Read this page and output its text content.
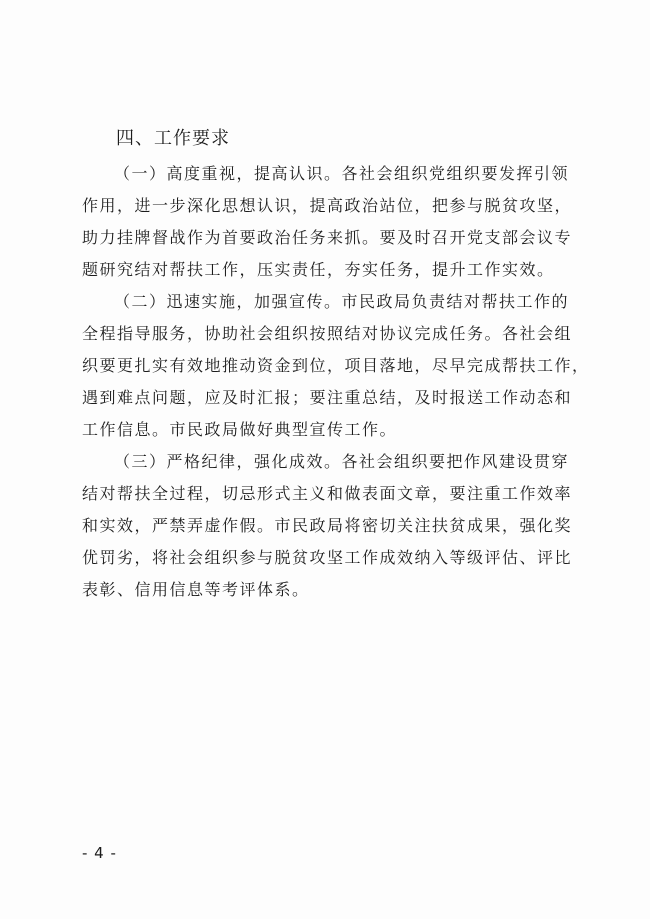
四、工作要求
（一）高度重视，提高认识。各社会组织党组织要发挥引领
作用，进一步深化思想认识，提高政治站位，把参与脱贫攻坚，
助力挂牌督战作为首要政治任务来抓。要及时召开党支部会议专
题研究结对帮扶工作，压实责任，夯实任务，提升工作实效。
（二）迅速实施，加强宣传。市民政局负责结对帮扶工作的
全程指导服务，协助社会组织按照结对协议完成任务。各社会组
织要更扎实有效地推动资金到位，项目落地，尽早完成帮扶工作，
遇到难点问题，应及时汇报；要注重总结，及时报送工作动态和
工作信息。市民政局做好典型宣传工作。
（三）严格纪律，强化成效。各社会组织要把作风建设贯穿
结对帮扶全过程，切忌形式主义和做表面文章，要注重工作效率
和实效，严禁弄虚作假。市民政局将密切关注扶贫成果，强化奖
优罚劣，将社会组织参与脱贫攻坚工作成效纳入等级评估、评比
表彰、信用信息等考评体系。
- 4 -
